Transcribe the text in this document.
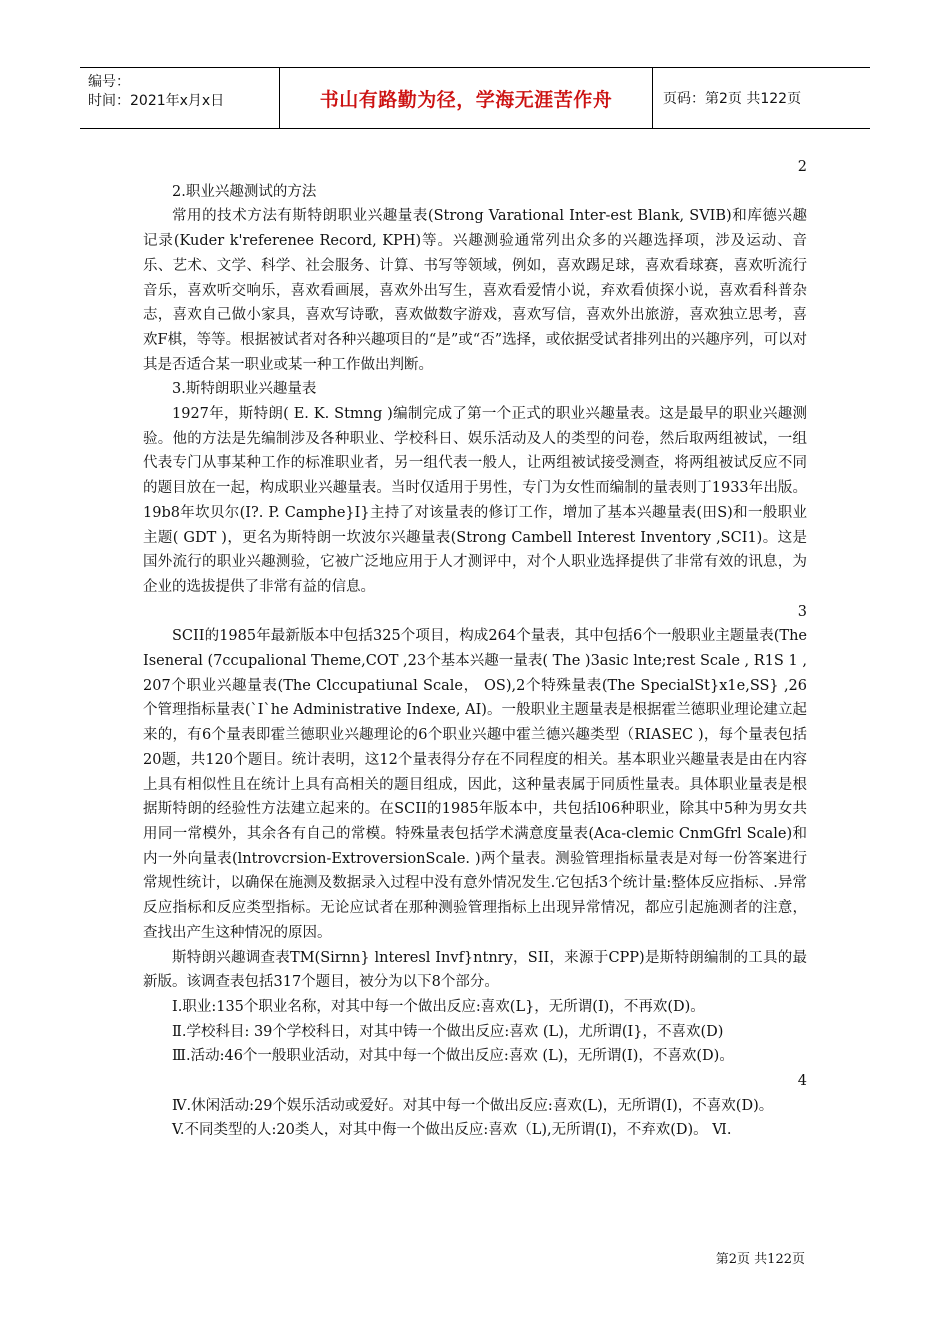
编号：
时间：2021年x月x日	书山有路勤为径，学海无涯苦作舟	页码：第2页 共122页

2

2.职业兴趣测试的方法

常用的技术方法有斯特朗职业兴趣量表(Strong Varational Inter-est Blank, SVIB)和库德兴趣记录(Kuder k'referenee Record, KPH)等。兴趣测验通常列出众多的兴趣选择项，涉及运动、音乐、艺术、文学、科学、社会服务、计算、书写等领域，例如，喜欢踢足球，喜欢看球赛，喜欢听流行音乐，喜欢听交响乐，喜欢看画展，喜欢外出写生，喜欢看爱情小说，弃欢看侦探小说，喜欢看科普杂志，喜欢自己做小家具，喜欢写诗歌，喜欢做数字游戏，喜欢写信，喜欢外出旅游，喜欢独立思考，喜欢F棋，等等。根据被试者对各种兴趣项目的“是”或“否”选择，或依据受试者排列出的兴趣序列，可以对其是否适合某一职业或某一种工作做出判断。

3.斯特朗职业兴趣量表

1927年，斯特朗( E. K. Stmng )编制完成了第一个正式的职业兴趣量表。这是最早的职业兴趣测验。他的方法是先编制涉及各种职业、学校科日、娱乐活动及人的类型的问卷，然后取两组被试，一组代表专门从事某种工作的标准职业者，另一组代表一般人，让两组被试接受测查，将两组被试反应不同的题目放在一起，构成职业兴趣量表。当时仅适用于男性，专门为女性而编制的量表则丁1933年出版。19b8年坎贝尔(I?. P. Camphe}I}主持了对该量表的修订工作，增加了基本兴趣量表(田S)和一般职业主题( GDT )，更名为斯特朗一坎波尔兴趣量表(Strong Cambell Interest Inventory ,SCI1)。这是国外流行的职业兴趣测验，它被广泛地应用于人才测评中，对个人职业选择提供了非常有效的讯息，为企业的选拔提供了非常有益的信息。

3

SCII的1985年最新版本中包括325个项目，构成264个量表，其中包括6个一般职业主题量表(The Iseneral (7ccupalional Theme,COT ,23个基本兴趣一量表( The )3asic lnte;rest Scale , R1S 1 , 207个职业兴趣量表(The Clccupatiunal Scale， OS),2个特殊量表(The SpecialSt}x1e,SS} ,26个管理指标量表(`I`he Administrative Indexe, AI)。一般职业主题量表是根据霍兰德职业理论建立起来的，有6个量表即霍兰德职业兴趣理论的6个职业兴趣中霍兰德兴趣类型（RIASEC )，每个量表包括20题，共120个题目。统计表明，这12个量表得分存在不同程度的相关。基本职业兴趣量表是由在内容上具有相似性且在统计上具有高相关的题目组成，因此，这种量表属于同质性量表。具体职业量表是根据斯特朗的经验性方法建立起来的。在SCII的1985年版本中，共包括l06种职业，除其中5种为男女共用同一常模外，其余各有自己的常模。特殊量表包括学术满意度量表(Aca-clemic CnmGfrl Scale)和内一外向量表(lntrovcrsion-ExtroversionScale. )两个量表。测验管理指标量表是对每一份答案进行常规性统计，以确保在施测及数据录入过程中没有意外情况发生.它包括3个统计量:整体反应指标、.异常反应指标和反应类型指标。无论应试者在那种测验管理指标上出现异常情况，都应引起施测者的注意，查找出产生这种情况的原因。

斯特朗兴趣调查表TM(Sirnn} lnteresl Invf}ntnry，SII，来源于CPP)是斯特朗编制的工具的最新版。该调查表包括317个题目，被分为以下8个部分。

Ⅰ.职业:135个职业名称，对其中每一个做出反应:喜欢(L}，无所谓(I)，不再欢(D)。

Ⅱ.学校科目: 39个学校科日，对其中铸一个做出反应:喜欢 (L)，尤所谓(I}，不喜欢(D)

Ⅲ.活动:46个一般职业活动，对其中每一个做出反应:喜欢 (L)，无所谓(I)，不喜欢(D)。

4

Ⅳ.休闲活动:29个娱乐活动或爱好。对其中每一个做出反应:喜欢(L)，无所谓(I)，不喜欢(D)。

V.不同类型的人:20类人，对其中侮一个做出反应:喜欢（L),无所谓(I)，不弃欢(D)。 Ⅵ.

第2页 共122页
